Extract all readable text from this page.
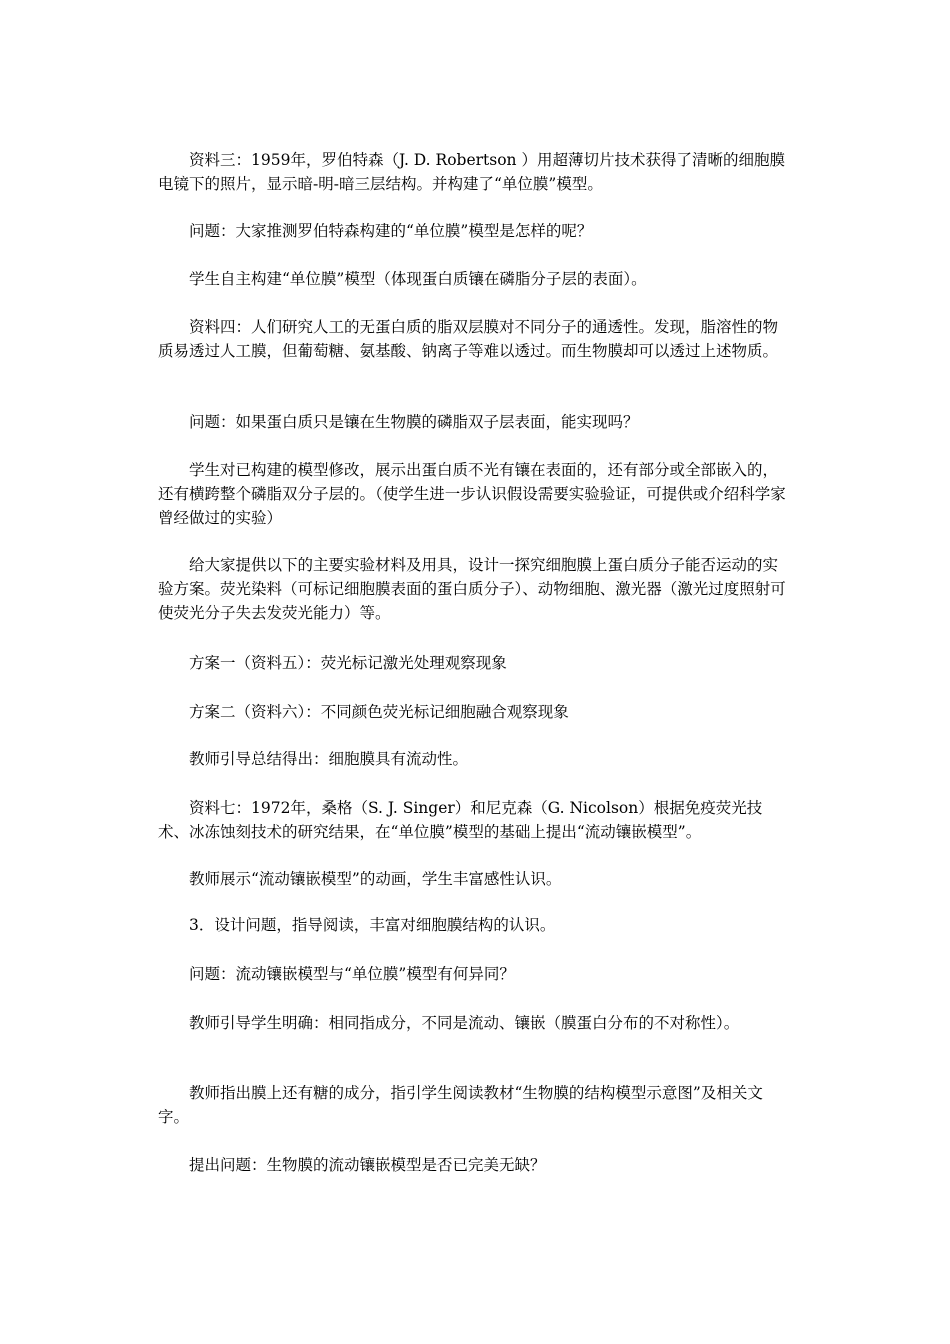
资料三：1959年，罗伯特森（J. D. Robertson ）用超薄切片技术获得了清晰的细胞膜电镜下的照片，显示暗-明-暗三层结构。并构建了“单位膜”模型。

问题：大家推测罗伯特森构建的“单位膜”模型是怎样的呢？

学生自主构建“单位膜”模型（体现蛋白质镶在磷脂分子层的表面）。

资料四：人们研究人工的无蛋白质的脂双层膜对不同分子的通透性。发现，脂溶性的物质易透过人工膜，但葡萄糖、氨基酸、钠离子等难以透过。而生物膜却可以透过上述物质。

问题：如果蛋白质只是镶在生物膜的磷脂双子层表面，能实现吗？

学生对已构建的模型修改，展示出蛋白质不光有镶在表面的，还有部分或全部嵌入的，还有横跨整个磷脂双分子层的。（使学生进一步认识假设需要实验验证，可提供或介绍科学家曾经做过的实验）

给大家提供以下的主要实验材料及用具，设计一探究细胞膜上蛋白质分子能否运动的实验方案。荧光染料（可标记细胞膜表面的蛋白质分子）、动物细胞、激光器（激光过度照射可使荧光分子失去发荧光能力）等。

方案一（资料五）：荧光标记激光处理观察现象

方案二（资料六）：不同颜色荧光标记细胞融合观察现象

教师引导总结得出：细胞膜具有流动性。

资料七：1972年，桑格（S. J. Singer）和尼克森（G. Nicolson）根据免疫荧光技术、冰冻蚀刻技术的研究结果，在“单位膜”模型的基础上提出“流动镶嵌模型”。

教师展示“流动镶嵌模型”的动画，学生丰富感性认识。

3．设计问题，指导阅读，丰富对细胞膜结构的认识。

问题：流动镶嵌模型与“单位膜”模型有何异同？

教师引导学生明确：相同指成分，不同是流动、镶嵌（膜蛋白分布的不对称性）。

教师指出膜上还有糖的成分，指引学生阅读教材“生物膜的结构模型示意图”及相关文字。

提出问题：生物膜的流动镶嵌模型是否已完美无缺？
